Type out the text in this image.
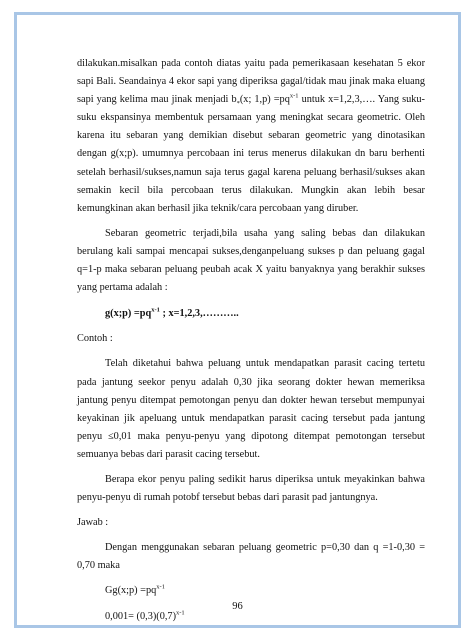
dilakukan.misalkan pada contoh diatas yaitu pada pemerikasaan kesehatan 5 ekor sapi Bali. Seandainya 4 ekor sapi yang diperiksa gagal/tidak mau jinak maka eluang sapi yang kelima mau jinak menjadi $b_*(x$; $1,p) =pq^{x-1}$ untuk x=1,2,3,…. Yang suku-suku ekspansinya membentuk persamaan yang meningkat secara geometric. Oleh karena itu sebaran yang demikian disebut sebaran geometric yang dinotasikan dengan g(x;p). umumnya percobaan ini terus menerus dilakukan dn baru berhenti setelah berhasil/sukses,namun saja terus gagal karena peluang berhasil/sukses akan semakin kecil bila percobaan terus dilakukan. Mungkin akan lebih besar kemungkinan akan berhasil jika teknik/cara percobaan yang diruber.

Sebaran geometric terjadi,bila usaha yang saling bebas dan dilakukan berulang kali sampai mencapai sukses,denganpeluang sukses p dan peluang gagal q=1-p maka sebaran peluang peubah acak X yaitu banyaknya yang berakhir sukses yang pertama adalah :

g(x;p) $=pq^{x-1}$ ; x=1,2,3,………..

Contoh :

Telah diketahui bahwa peluang untuk mendapatkan parasit cacing tertetu pada jantung seekor penyu adalah 0,30 jika seorang dokter hewan memeriksa jantung penyu ditempat pemotongan penyu dan dokter hewan tersebut mempunyai keyakinan jik apeluang untuk mendapatkan parasit cacing tersebut pada jantung penyu ≤0,01 maka penyu-penyu yang dipotong ditempat pemotongan tersebut semuanya bebas dari parasit cacing tersebut.

Berapa ekor penyu paling sedikit harus diperiksa untuk meyakinkan bahwa penyu-penyu di rumah potobf tersebut bebas dari parasit pad jantungnya.

Jawab :

Dengan menggunakan sebaran peluang geometric p=0,30 dan q =1-0,30 = 0,70 maka

Gg(x;p) $=pq^{x-1}$

$0,001= (0,3)(0,7)^{x-1}$

96
